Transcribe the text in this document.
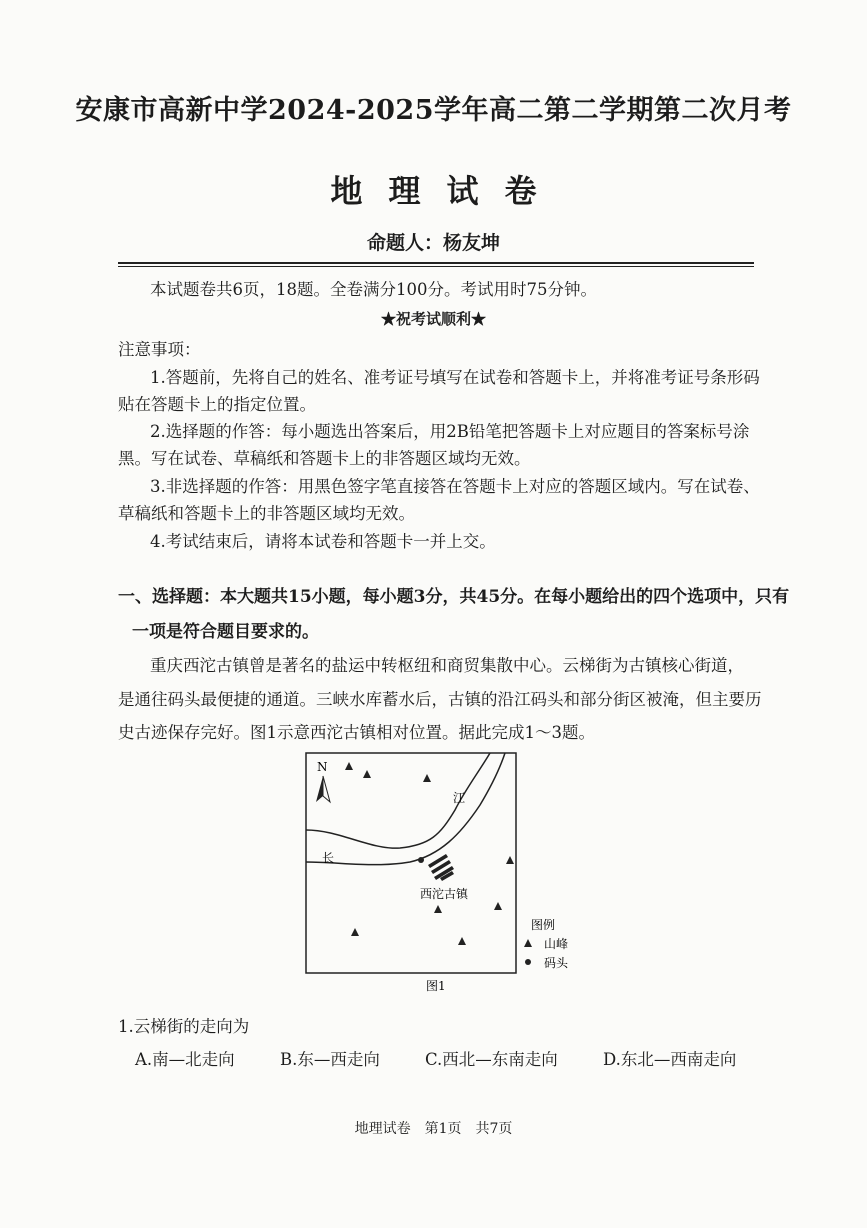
安康市高新中学2024-2025学年高二第二学期第二次月考
地理试卷
命题人：杨友坤
本试题卷共6页，18题。全卷满分100分。考试用时75分钟。
★祝考试顺利★
注意事项：
1.答题前，先将自己的姓名、准考证号填写在试卷和答题卡上，并将准考证号条形码
贴在答题卡上的指定位置。
2.选择题的作答：每小题选出答案后，用2B铅笔把答题卡上对应题目的答案标号涂
黑。写在试卷、草稿纸和答题卡上的非答题区域均无效。
3.非选择题的作答：用黑色签字笔直接答在答题卡上对应的答题区域内。写在试卷、
草稿纸和答题卡上的非答题区域均无效。
4.考试结束后，请将本试卷和答题卡一并上交。
一、选择题：本大题共15小题，每小题3分，共45分。在每小题给出的四个选项中，只有
一项是符合题目要求的。
重庆西沱古镇曾是著名的盐运中转枢纽和商贸集散中心。云梯街为古镇核心街道，
是通往码头最便捷的通道。三峡水库蓄水后，古镇的沿江码头和部分街区被淹，但主要历
史古迹保存完好。图1示意西沱古镇相对位置。据此完成1～3题。
N
长
江
西沱古镇
图例
山峰
码头
图1
1.云梯街的走向为
A.南—北走向	B.东—西走向	C.西北—东南走向	D.东北—西南走向
地理试卷　第1页　共7页
